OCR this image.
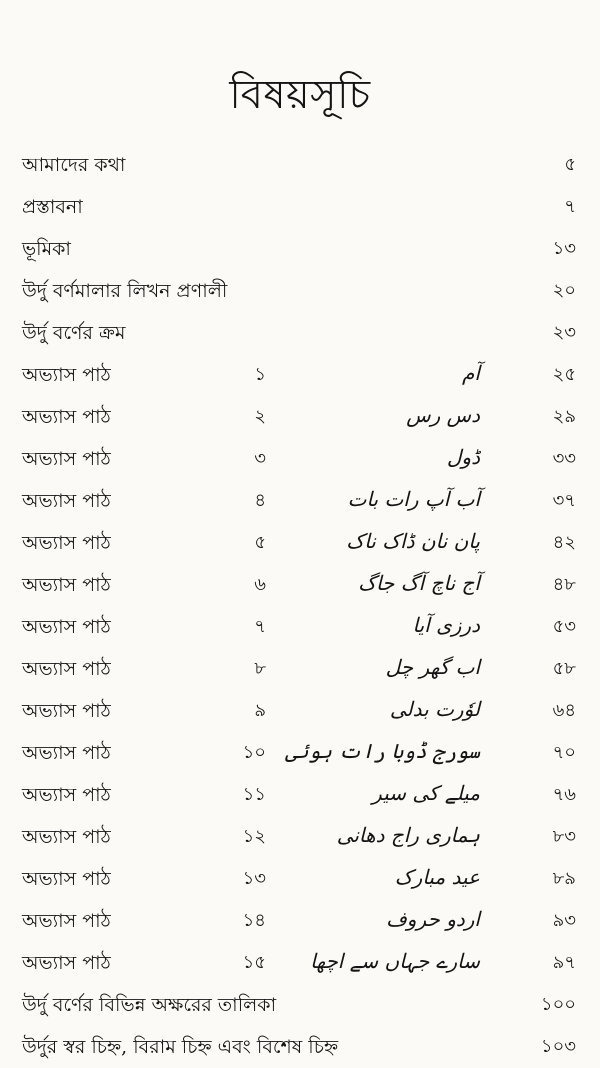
বিষয়সূচি
আমাদের কথা	৫
প্রস্তাবনা	৭
ভূমিকা	১৩
উর্দু বর্ণমালার লিখন প্রণালী	২০
উর্দু বর্ণের ক্রম	২৩
অভ্যাস পাঠ	১	آم	২৫
অভ্যাস পাঠ	২	دس رس	২৯
অভ্যাস পাঠ	৩	ڈول	৩৩
অভ্যাস পাঠ	৪	آب آپ رات بات	৩৭
অভ্যাস পাঠ	৫	پان نان ڈاک ناک	৪২
অভ্যাস পাঠ	৬	آج ناچ آگ جاگ	৪৮
অভ্যাস পাঠ	৭	درزی آیا	৫৩
অভ্যাস পাঠ	৮	اب گھر چل	৫৮
অভ্যাস পাঠ	৯	لوٗرت بدلی	৬৪
অভ্যাস পাঠ	১০ سورج ڈوبا رات ہوئی	৭০
অভ্যাস পাঠ	১১	میلے کی سیر	৭৬
অভ্যাস পাঠ	১২	ہماری راج دھانی	৮৩
অভ্যাস পাঠ	১৩	عید مبارک	৮৯
অভ্যাস পাঠ	১৪	اردو حروف	৯৩
অভ্যাস পাঠ	১৫ سارے جہاں سے اچھا	৯৭
উর্দু বর্ণের বিভিন্ন অক্ষরের তালিকা	১০০
উর্দুর স্বর চিহ্ন, বিরাম চিহ্ন এবং বিশেষ চিহ্ন	১০৩
